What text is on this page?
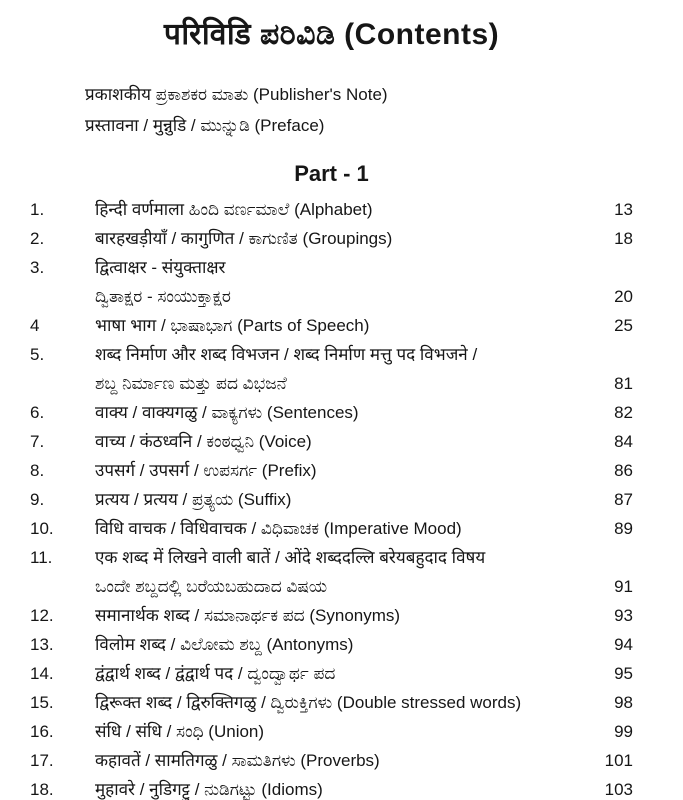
परिविडि ಪರಿವಿಡಿ (Contents)
प्रकाशकीय ಪ್ರಕಾಶಕರ ಮಾತು (Publisher's Note)
प्रस्तावना / मुन्नुडि / ಮುನ್ನುಡಿ (Preface)
Part - 1
1.	हिन्दी वर्णमाला ಹಿಂದಿ ವರ್ಣಮಾಲೆ (Alphabet)	13
2.	बारहखड़ीयाँ / कागुणित / ಕಾಗುಣಿತ (Groupings)	18
3.	द्वित्वाक्षर - संयुक्ताक्षर
ದ್ವಿತಾಕ್ಷರ - ಸಂಯುಕ್ತಾಕ್ಷರ	20
4	भाषा भाग / ಭಾಷಾಭಾಗ (Parts of Speech)	25
5.	शब्द निर्माण और शब्द विभजन / शब्द निर्माण मत्तु पद विभजने /
ಶಬ್ದ ನಿರ್ಮಾಣ ಮತ್ತು ಪದ ವಿಭಜನೆ	81
6.	वाक्य / वाक्यगळु / ವಾಕ್ಯಗಳು (Sentences)	82
7.	वाच्य / कंठध्वनि / ಕಂಠಧ್ವನಿ (Voice)	84
8.	उपसर्ग / उपसर्ग / ಉಪಸರ್ಗ (Prefix)	86
9.	प्रत्यय / प्रत्यय / ಪ್ರತ್ಯಯ (Suffix)	87
10.	विधि वाचक / विधिवाचक / ವಿಧಿವಾಚಕ (Imperative Mood)	89
11.	एक शब्द में लिखने वाली बातें / ओंदे शब्ददल्लि बरेयबहुदाद विषय
ಒಂದೇ ಶಬ್ದದಲ್ಲಿ ಬರೆಯಬಹುದಾದ ವಿಷಯ	91
12.	समानार्थक शब्द / ಸಮಾನಾರ್ಥಕ ಪದ (Synonyms)	93
13.	विलोम शब्द / ವಿಲೋಮ ಶಬ್ದ (Antonyms)	94
14.	द्वंद्वार्थ शब्द / द्वंद्वार्थ पद / ದ್ವಂದ್ವಾರ್ಥ ಪದ	95
15.	द्विरूक्त शब्द / द्विरुक्तिगळु / ದ್ವಿರುಕ್ತಿಗಳು (Double stressed words)	98
16.	संधि / संधि / ಸಂಧಿ (Union)	99
17.	कहावतें / सामतिगळु / ಸಾಮತಿಗಳು (Proverbs)	101
18.	मुहावरे / नुडिगट्टु / ನುಡಿಗಟ್ಟು (Idioms)	103
